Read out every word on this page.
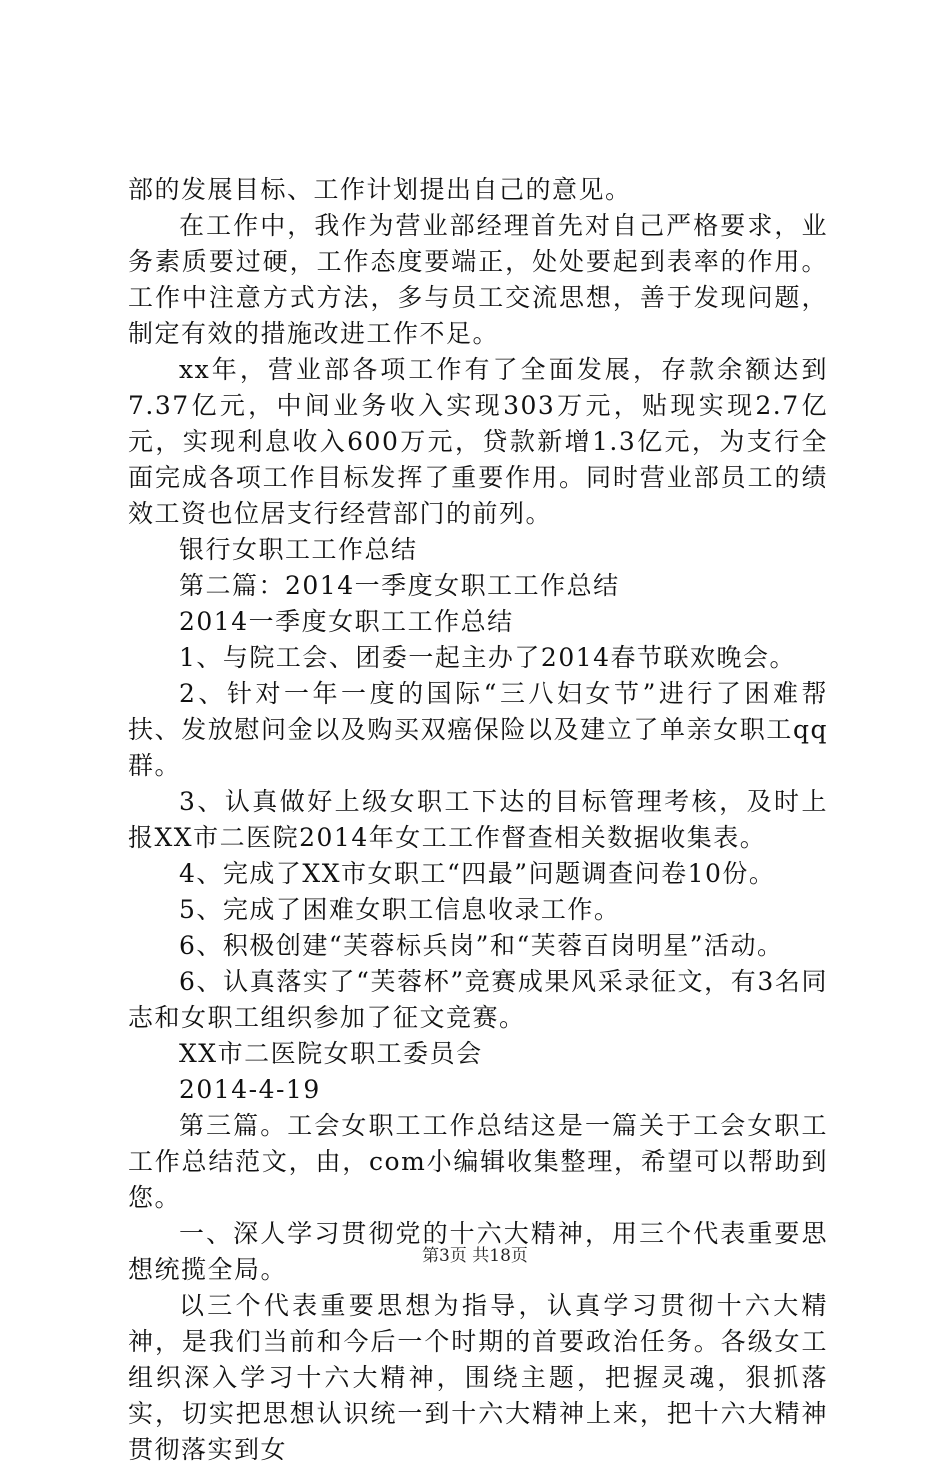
部的发展目标、工作计划提出自己的意见。

在工作中，我作为营业部经理首先对自己严格要求，业务素质要过硬，工作态度要端正，处处要起到表率的作用。工作中注意方式方法，多与员工交流思想，善于发现问题，制定有效的措施改进工作不足。

xx年，营业部各项工作有了全面发展，存款余额达到7.37亿元，中间业务收入实现303万元，贴现实现2.7亿元，实现利息收入600万元，贷款新增1.3亿元，为支行全面完成各项工作目标发挥了重要作用。同时营业部员工的绩效工资也位居支行经营部门的前列。

银行女职工工作总结

第二篇：2014一季度女职工工作总结

2014一季度女职工工作总结

1、与院工会、团委一起主办了2014春节联欢晚会。

2、针对一年一度的国际“三八妇女节”进行了困难帮扶、发放慰问金以及购买双癌保险以及建立了单亲女职工qq群。

3、认真做好上级女职工下达的目标管理考核，及时上报XX市二医院2014年女工工作督查相关数据收集表。

4、完成了XX市女职工“四最”问题调查问卷10份。

5、完成了困难女职工信息收录工作。

6、积极创建“芙蓉标兵岗”和“芙蓉百岗明星”活动。

6、认真落实了“芙蓉杯”竞赛成果风采录征文，有3名同志和女职工组织参加了征文竞赛。

XX市二医院女职工委员会

2014-4-19

第三篇。工会女职工工作总结这是一篇关于工会女职工工作总结范文，由，com小编辑收集整理，希望可以帮助到您。

一、深人学习贯彻党的十六大精神，用三个代表重要思想统揽全局。

以三个代表重要思想为指导，认真学习贯彻十六大精神，是我们当前和今后一个时期的首要政治任务。各级女工组织深入学习十六大精神，围绕主题，把握灵魂，狠抓落实，切实把思想认识统一到十六大精神上来，把十六大精神贯彻落实到女

第3页 共18页
